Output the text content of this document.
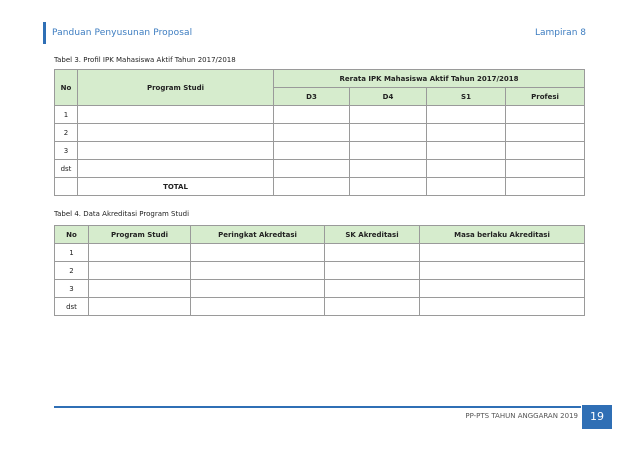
Panduan Penyusunan Proposal	Lampiran 8
Tabel 3. Profil IPK Mahasiswa Aktif Tahun 2017/2018
No	Program Studi	Rerata IPK Mahasiswa Aktif Tahun 2017/2018			
		D3	D4	S1	Profesi
1					
2					
3					
dst					
	TOTAL				
Tabel 4. Data Akreditasi Program Studi
No	Program Studi	Peringkat Akredtasi	SK Akreditasi	Masa berlaku Akreditasi
1				
2				
3				
dst				
PP-PTS TAHUN ANGGARAN 2019	19
